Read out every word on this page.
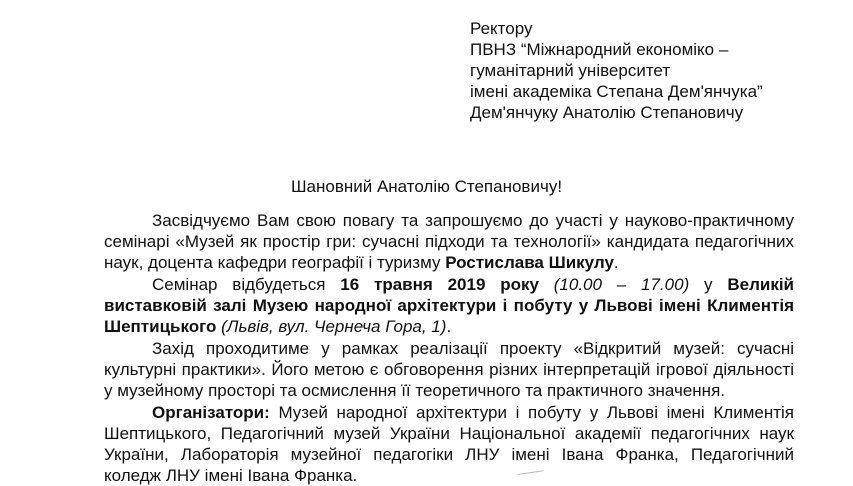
Ректору
ПВНЗ “Міжнародний економіко –
гуманітарний університет
імені академіка Степана Дем'янчука”
Дем'янчуку Анатолію Степановичу
Шановний Анатолію Степановичу!

Засвідчуємо Вам свою повагу та запрошуємо до участі у науково-практичному семінарі «Музей як простір гри: сучасні підходи та технології» кандидата педагогічних наук, доцента кафедри географії і туризму Ростислава Шикулу.

Семінар відбудеться 16 травня 2019 року (10.00 – 17.00) у Великій виставковій залі Музею народної архітектури і побуту у Львові імені Климентія Шептицького (Львів, вул. Чернеча Гора, 1).

Захід проходитиме у рамках реалізації проекту «Відкритий музей: сучасні культурні практики». Його метою є обговорення різних інтерпретацій ігрової діяльності у музейному просторі та осмислення її теоретичного та практичного значення.

Організатори: Музей народної архітектури і побуту у Львові імені Климентія Шептицького, Педагогічний музей України Національної академії педагогічних наук України, Лабораторія музейної педагогіки ЛНУ імені Івана Франка, Педагогічний коледж ЛНУ імені Івана Франка.
